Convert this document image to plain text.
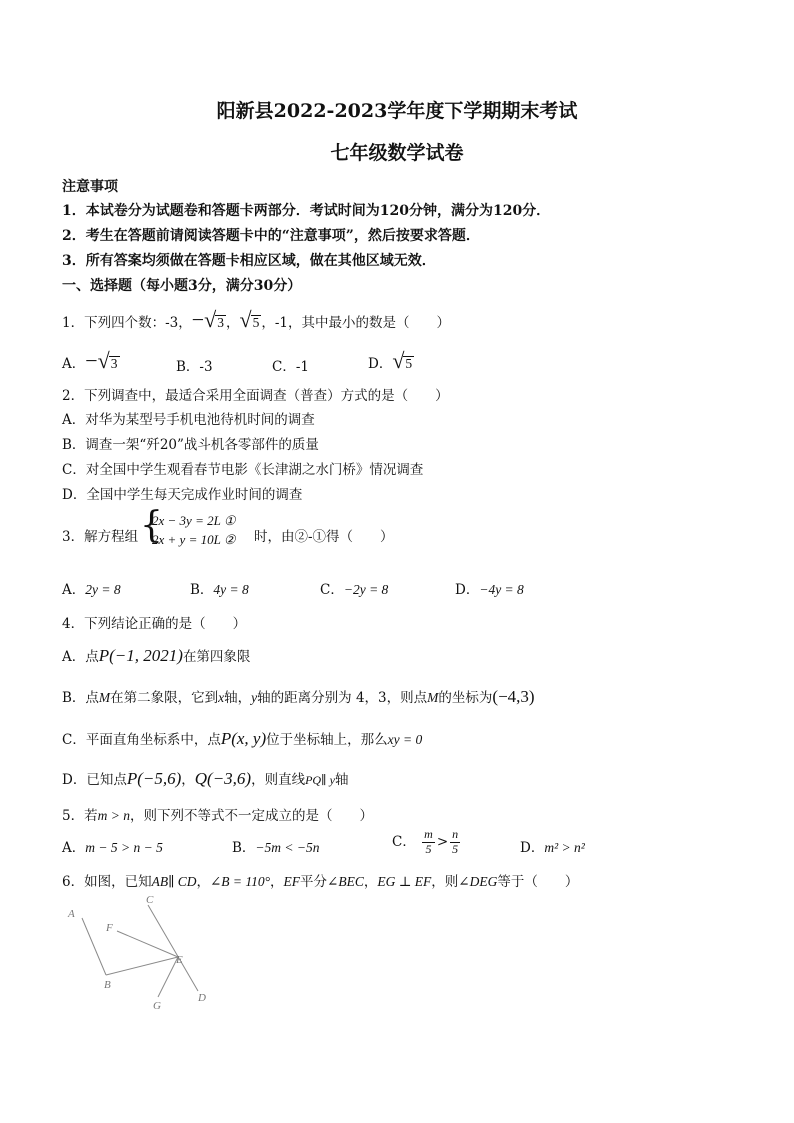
阳新县2022-2023学年度下学期期末考试
七年级数学试卷
注意事项
1．本试卷分为试题卷和答题卡两部分．考试时间为120分钟，满分为120分．
2．考生在答题前请阅读答题卡中的“注意事项”，然后按要求答题．
3．所有答案均须做在答题卡相应区域，做在其他区域无效．
一、选择题（每小题3分，满分30分）
1．下列四个数：-3，−√3 ，√5 ，-1，其中最小的数是（　　）
A．−√3	B．-3	C．-1	D．√5
2．下列调查中，最适合采用全面调查（普查）方式的是（　　）
A．对华为某型号手机电池待机时间的调查
B．调查一架“歼20”战斗机各零部件的质量
C．对全国中学生观看春节电影《长津湖之水门桥》情况调查
D．全国中学生每天完成作业时间的调查
3．解方程组 {
2x − 3y = 2L ①
2x + y = 10L ② 时，由②-①得（　　）
A．2y = 8	B．4y = 8	C．−2y = 8	D．−4y = 8
4．下列结论正确的是（　　）
A．点P(−1, 2021)在第四象限
B．点M在第二象限，它到x轴，y轴的距离分别为 4，3，则点M的坐标为(−4,3)
C．平面直角坐标系中，点P(x, y)位于坐标轴上，那么xy = 0
D．已知点P(−5,6)，Q(−3,6)，则直线PQ∥ y轴
5．若m > n，则下列不等式不一定成立的是（　　）
A．m − 5 > n − 5	B．−5m < −5n	C． $\frac{m}{5} > \frac{n}{5}$	D．m² > n²
6．如图，已知AB∥ CD，∠B = 110°，EF平分∠BEC，EG ⊥ EF，则∠DEG等于（　　）
A
B
C
D
E
F
G
